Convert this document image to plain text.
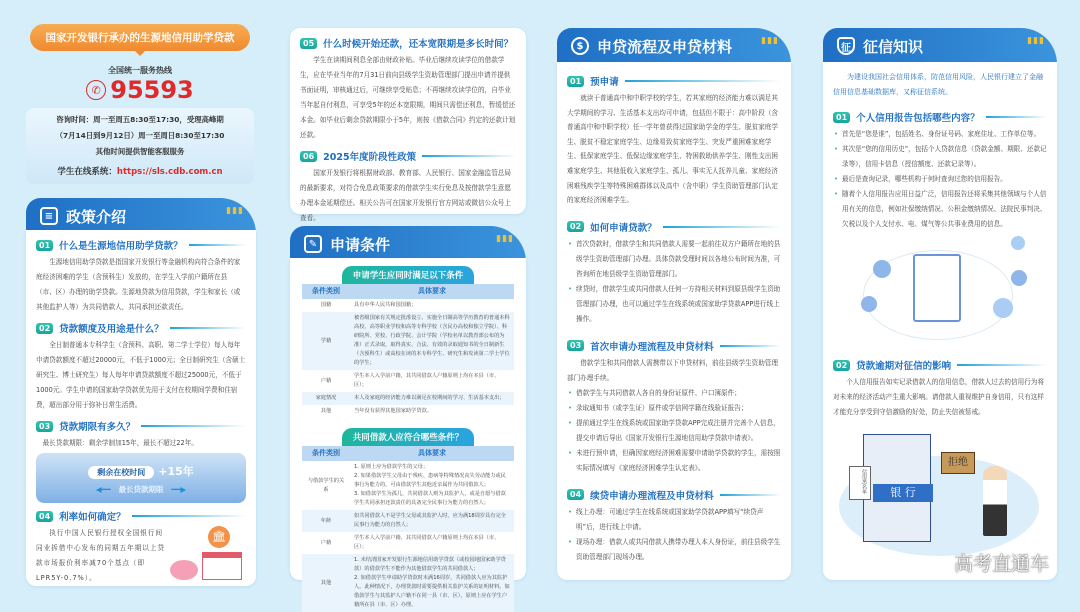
国家开发银行承办的生源地信用助学贷款
全国统一服务热线
✆ 95593
咨询时间：周一至周五8:30至17:30，受理高峰期
（7月14日到9月12日）周一至周日8:30至17:30
其他时间提供智能客服服务
学生在线系统：https://sls.cdb.com.cn
≡ 政策介绍	▮▮▮
01 什么是生源地信用助学贷款？
生源地信用助学贷款是指国家开发银行等金融机构向符合条件的家庭经济困难的学生（含预科生）发放的，在学生入学前户籍所在县（市、区）办理的助学贷款。生源地贷款为信用贷款，学生和家长（或其他监护人等）为共同借款人，共同承担还款责任。
02 贷款额度及用途是什么？
全日制普通本专科学生（含预科、高职、第二学士学位）每人每年申请贷款额度不超过20000元，不低于1000元；全日制研究生（含硕士研究生、博士研究生）每人每年申请贷款额度不超过25000元，不低于1000元。学生申请的国家助学贷款优先用于支付在校期间学费和住宿费，超出部分用于弥补日常生活费。
03 贷款期限有多久？
最长贷款期限：剩余学制加15年，最长不超过22年。
剩余在校时间 +15年
◀━━ 最长贷款期限 ━━▶
04 利率如何确定？
执行中国人民银行授权全国银行间同业拆借中心发布的同期五年期以上贷款市场报价利率减70个基点（即LPR5Y-0.7%）。
🏛
05 什么时候开始还款，还本宽限期是多长时间？
学生在读期间利息全部由财政补贴。毕业后继续攻读学位的借款学生，应在毕业当年的7月31日前向县级学生资助管理部门提出申请并提供书面证明，审核通过后，可继续享受贴息；不再继续攻读学位的，自毕业当年起自付利息，可享受5年的还本宽限期，期间只需偿还利息，暂缓偿还本金。如毕业后剩余贷款期限小于5年，则按《借款合同》约定的还款计划还款。
06 2025年度阶段性政策
国家开发银行将根据财政部、教育部、人民银行、国家金融监管总局的最新要求，对符合免息政策要求的借款学生实行免息及按借款学生意愿办理本金延期偿还。相关公告可在国家开发银行官方网站或微信公众号上查看。
✎ 申请条件	▮▮▮
申请学生应同时满足以下条件
条件类别	具体要求
国籍	具有中华人民共和国国籍；
学籍	被省级国家有关规定批准设立、实施全日制高等学历教育的普通本科高校、高等职业学校和高等专科学校（含民办高校和独立学院）、科研院所、党校、行政学院、会计学院（学校名单以教育部公布的为准）正式录取，取得真实、合法、有效的录取通知书的全日制新生（含预科生）或高校在读的本专科学生、研究生和攻读第二学士学位的学生；
户籍	学生本人入学前户籍，其共同借款人户籍原则上均在本县（市、区）；
家庭情况	本人及家庭的经济能力难以满足在校期间的学习、生活基本支出；
其他	当年没有获得其他国家助学贷款。
共同借款人应符合哪些条件？
条件类别	具体要求
与借款学生的关系	1. 原则上应为借款学生的父母；
2. 如果借款学生父母由于残疾、患病等特殊情况丧失劳动能力或民事行为能力的，可由借款学生其他近亲属作为共同借款人；
3. 如借款学生为孤儿，共同借款人则为其监护人，或是自愿与借款学生共同承担还款责任的具备完全民事行为能力的自然人；
年龄	如共同借款人不是学生父母或其监护人时，应为满18周岁具有完全民事行为能力的自然人；
户籍	学生本人入学前户籍，其共同借款人户籍原则上均在本县（市、区）；
其他	1. 未结清国家开发银行生源地信用助学贷款（或校园地国家助学贷款）的借款学生不能作为其他借款学生的共同借款人；
2. 如借款学生申请助学贷款时未满16周岁，共同借款人应为其监护人。此种情况下，办理贷款时需要提供相关监护关系的证明材料。如借款学生与其监护人户籍不在同一县（市、区），原则上应在学生户籍所在县（市、区）办理。
$ 申贷流程及申贷材料	▮▮▮
01 预申请
就读于普通高中和中职学校的学生，若其家庭的经济能力难以满足其大学期间的学习、生活基本支出均可申请，包括但不限于：高中阶段（含普通高中和中职学校）任一学年曾获得过国家助学金的学生、脱贫家庭学生、脱贫不稳定家庭学生、边缘易致贫家庭学生、突发严重困难家庭学生、低保家庭学生、低保边缘家庭学生、特困救助供养学生、刚性支出困难家庭学生、其他低收入家庭学生、孤儿、事实无人抚养儿童、家庭经济困难残疾学生等特殊困难群体以及高中（含中职）学生资助管理部门认定的家庭经济困难学生。
02 如何申请贷款？
• 首次贷款时，借款学生和共同借款人需要一起前往双方户籍所在地的县级学生资助管理部门办理。具体贷款受理时间以各地公布时间为准，可咨询所在地县级学生资助管理部门。
• 续贷时，借款学生或共同借款人任何一方持相关材料到原县级学生资助管理部门办理，也可以通过学生在线系统或国家助学贷款APP进行线上操作。
03 首次申请办理流程及申贷材料
借款学生和共同借款人需携带以下申贷材料，前往县级学生资助管理部门办理手续。
• 借款学生与共同借款人各自的身份证原件、户口簿原件；
• 录取通知书（或学生证）原件或学信网学籍在线验证报告；
• 提前通过学生在线系统或国家助学贷款APP完成注册并完善个人信息，提交申请后导出《国家开发银行生源地信用助学贷款申请表》。
• 未进行预申请，但确因家庭经济困难需要申请助学贷款的学生，需按照实际情况填写《家庭经济困难学生认定表》。
04 续贷申请办理流程及申贷材料
• 线上办理：可通过学生在线系统或国家助学贷款APP填写“续贷声明”后，进行线上申请。
• 现场办理：借款人或共同借款人携带办理人本人身份证，前往县级学生资助管理部门现场办理。
征 征信知识	▮▮▮
为建设我国社会信用体系，防范信用风险，人民银行建立了金融信用信息基础数据库，又称征信系统。
01 个人信用报告包括哪些内容？
• 首先是“您是谁”，包括姓名、身份证号码、家庭住址、工作单位等。
• 其次是“您的信用历史”，包括个人贷款信息（贷款金额、期限、还款记录等），信用卡信息（授信额度、还款记录等）。
• 最后是查询记录，哪些机构于何时查询过您的信用报告。
• 随着个人信用报告应用日益广泛，信用报告还将采集其他领域与个人信用有关的信息，例如社保缴纳情况、公积金缴纳情况、法院民事判决、欠税以及个人支付水、电、煤气等公共事业费用的信息。
02 贷款逾期对征信的影响
个人信用报告如实记录借款人的信用信息，借款人过去的信用行为将对未来的经济活动产生重大影响。请借款人重视维护自身信用，只有这样才能充分享受到守信激励的好处，防止失信被惩戒。
银 行
信用黑名单
拒绝
高考直通车
